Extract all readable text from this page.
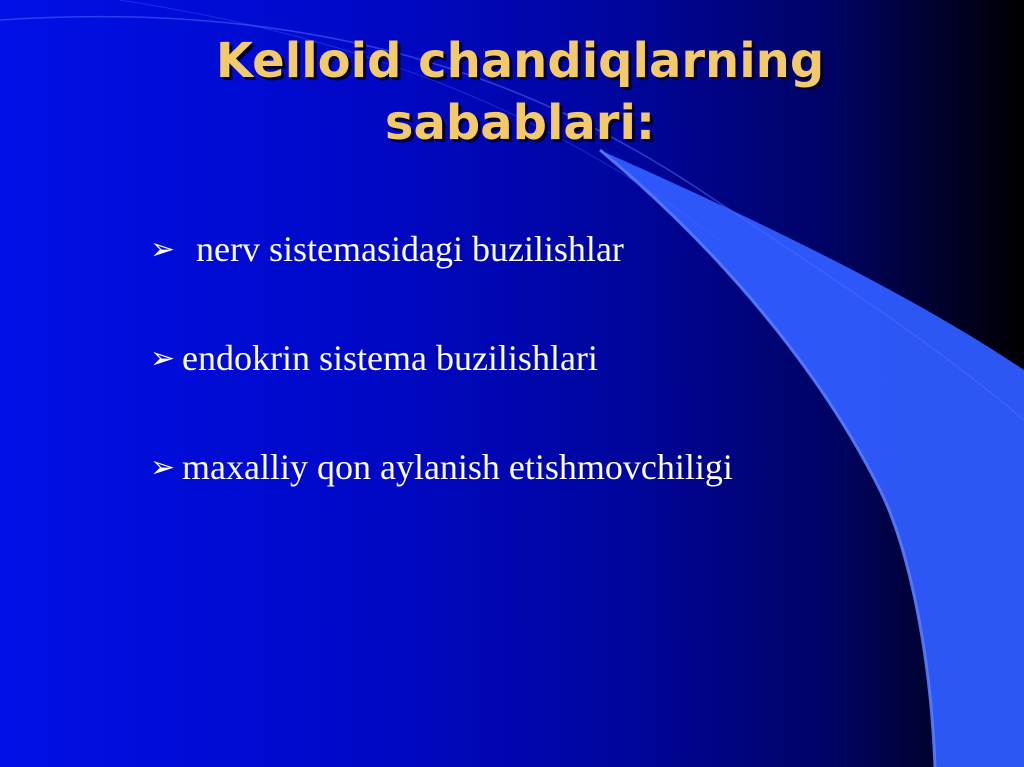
Kelloid chandiqlarning
sabablari:
➢ nerv sistemasidagi buzilishlar
➢ endokrin sistema buzilishlari
➢ maxalliy qon aylanish etishmovchiligi
